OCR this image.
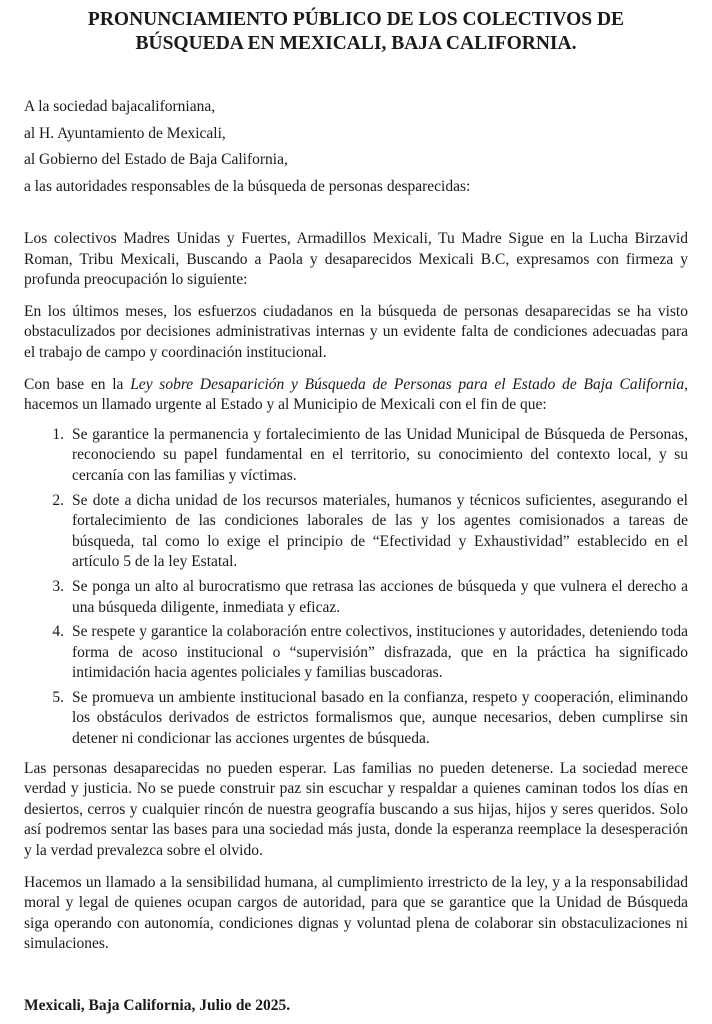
PRONUNCIAMIENTO PÚBLICO DE LOS COLECTIVOS DE BÚSQUEDA EN MEXICALI, BAJA CALIFORNIA.
A la sociedad bajacaliforniana,
al H. Ayuntamiento de Mexicali,
al Gobierno del Estado de Baja California,
a las autoridades responsables de la búsqueda de personas desparecidas:

Los colectivos Madres Unidas y Fuertes, Armadillos Mexicali, Tu Madre Sigue en la Lucha Birzavid Roman, Tribu Mexicali, Buscando a Paola y desaparecidos Mexicali B.C, expresamos con firmeza y profunda preocupación lo siguiente:

En los últimos meses, los esfuerzos ciudadanos en la búsqueda de personas desaparecidas se ha visto obstaculizados por decisiones administrativas internas y un evidente falta de condiciones adecuadas para el trabajo de campo y coordinación institucional.

Con base en la Ley sobre Desaparición y Búsqueda de Personas para el Estado de Baja California, hacemos un llamado urgente al Estado y al Municipio de Mexicali con el fin de que:

1. Se garantice la permanencia y fortalecimiento de las Unidad Municipal de Búsqueda de Personas, reconociendo su papel fundamental en el territorio, su conocimiento del contexto local, y su cercanía con las familias y víctimas.
2. Se dote a dicha unidad de los recursos materiales, humanos y técnicos suficientes, asegurando el fortalecimiento de las condiciones laborales de las y los agentes comisionados a tareas de búsqueda, tal como lo exige el principio de “Efectividad y Exhaustividad” establecido en el artículo 5 de la ley Estatal.
3. Se ponga un alto al burocratismo que retrasa las acciones de búsqueda y que vulnera el derecho a una búsqueda diligente, inmediata y eficaz.
4. Se respete y garantice la colaboración entre colectivos, instituciones y autoridades, deteniendo toda forma de acoso institucional o “supervisión” disfrazada, que en la práctica ha significado intimidación hacia agentes policiales y familias buscadoras.
5. Se promueva un ambiente institucional basado en la confianza, respeto y cooperación, eliminando los obstáculos derivados de estrictos formalismos que, aunque necesarios, deben cumplirse sin detener ni condicionar las acciones urgentes de búsqueda.

Las personas desaparecidas no pueden esperar. Las familias no pueden detenerse. La sociedad merece verdad y justicia. No se puede construir paz sin escuchar y respaldar a quienes caminan todos los días en desiertos, cerros y cualquier rincón de nuestra geografía buscando a sus hijas, hijos y seres queridos. Solo así podremos sentar las bases para una sociedad más justa, donde la esperanza reemplace la desesperación y la verdad prevalezca sobre el olvido.

Hacemos un llamado a la sensibilidad humana, al cumplimiento irrestricto de la ley, y a la responsabilidad moral y legal de quienes ocupan cargos de autoridad, para que se garantice que la Unidad de Búsqueda siga operando con autonomía, condiciones dignas y voluntad plena de colaborar sin obstaculizaciones ni simulaciones.

Mexicali, Baja California, Julio de 2025.
